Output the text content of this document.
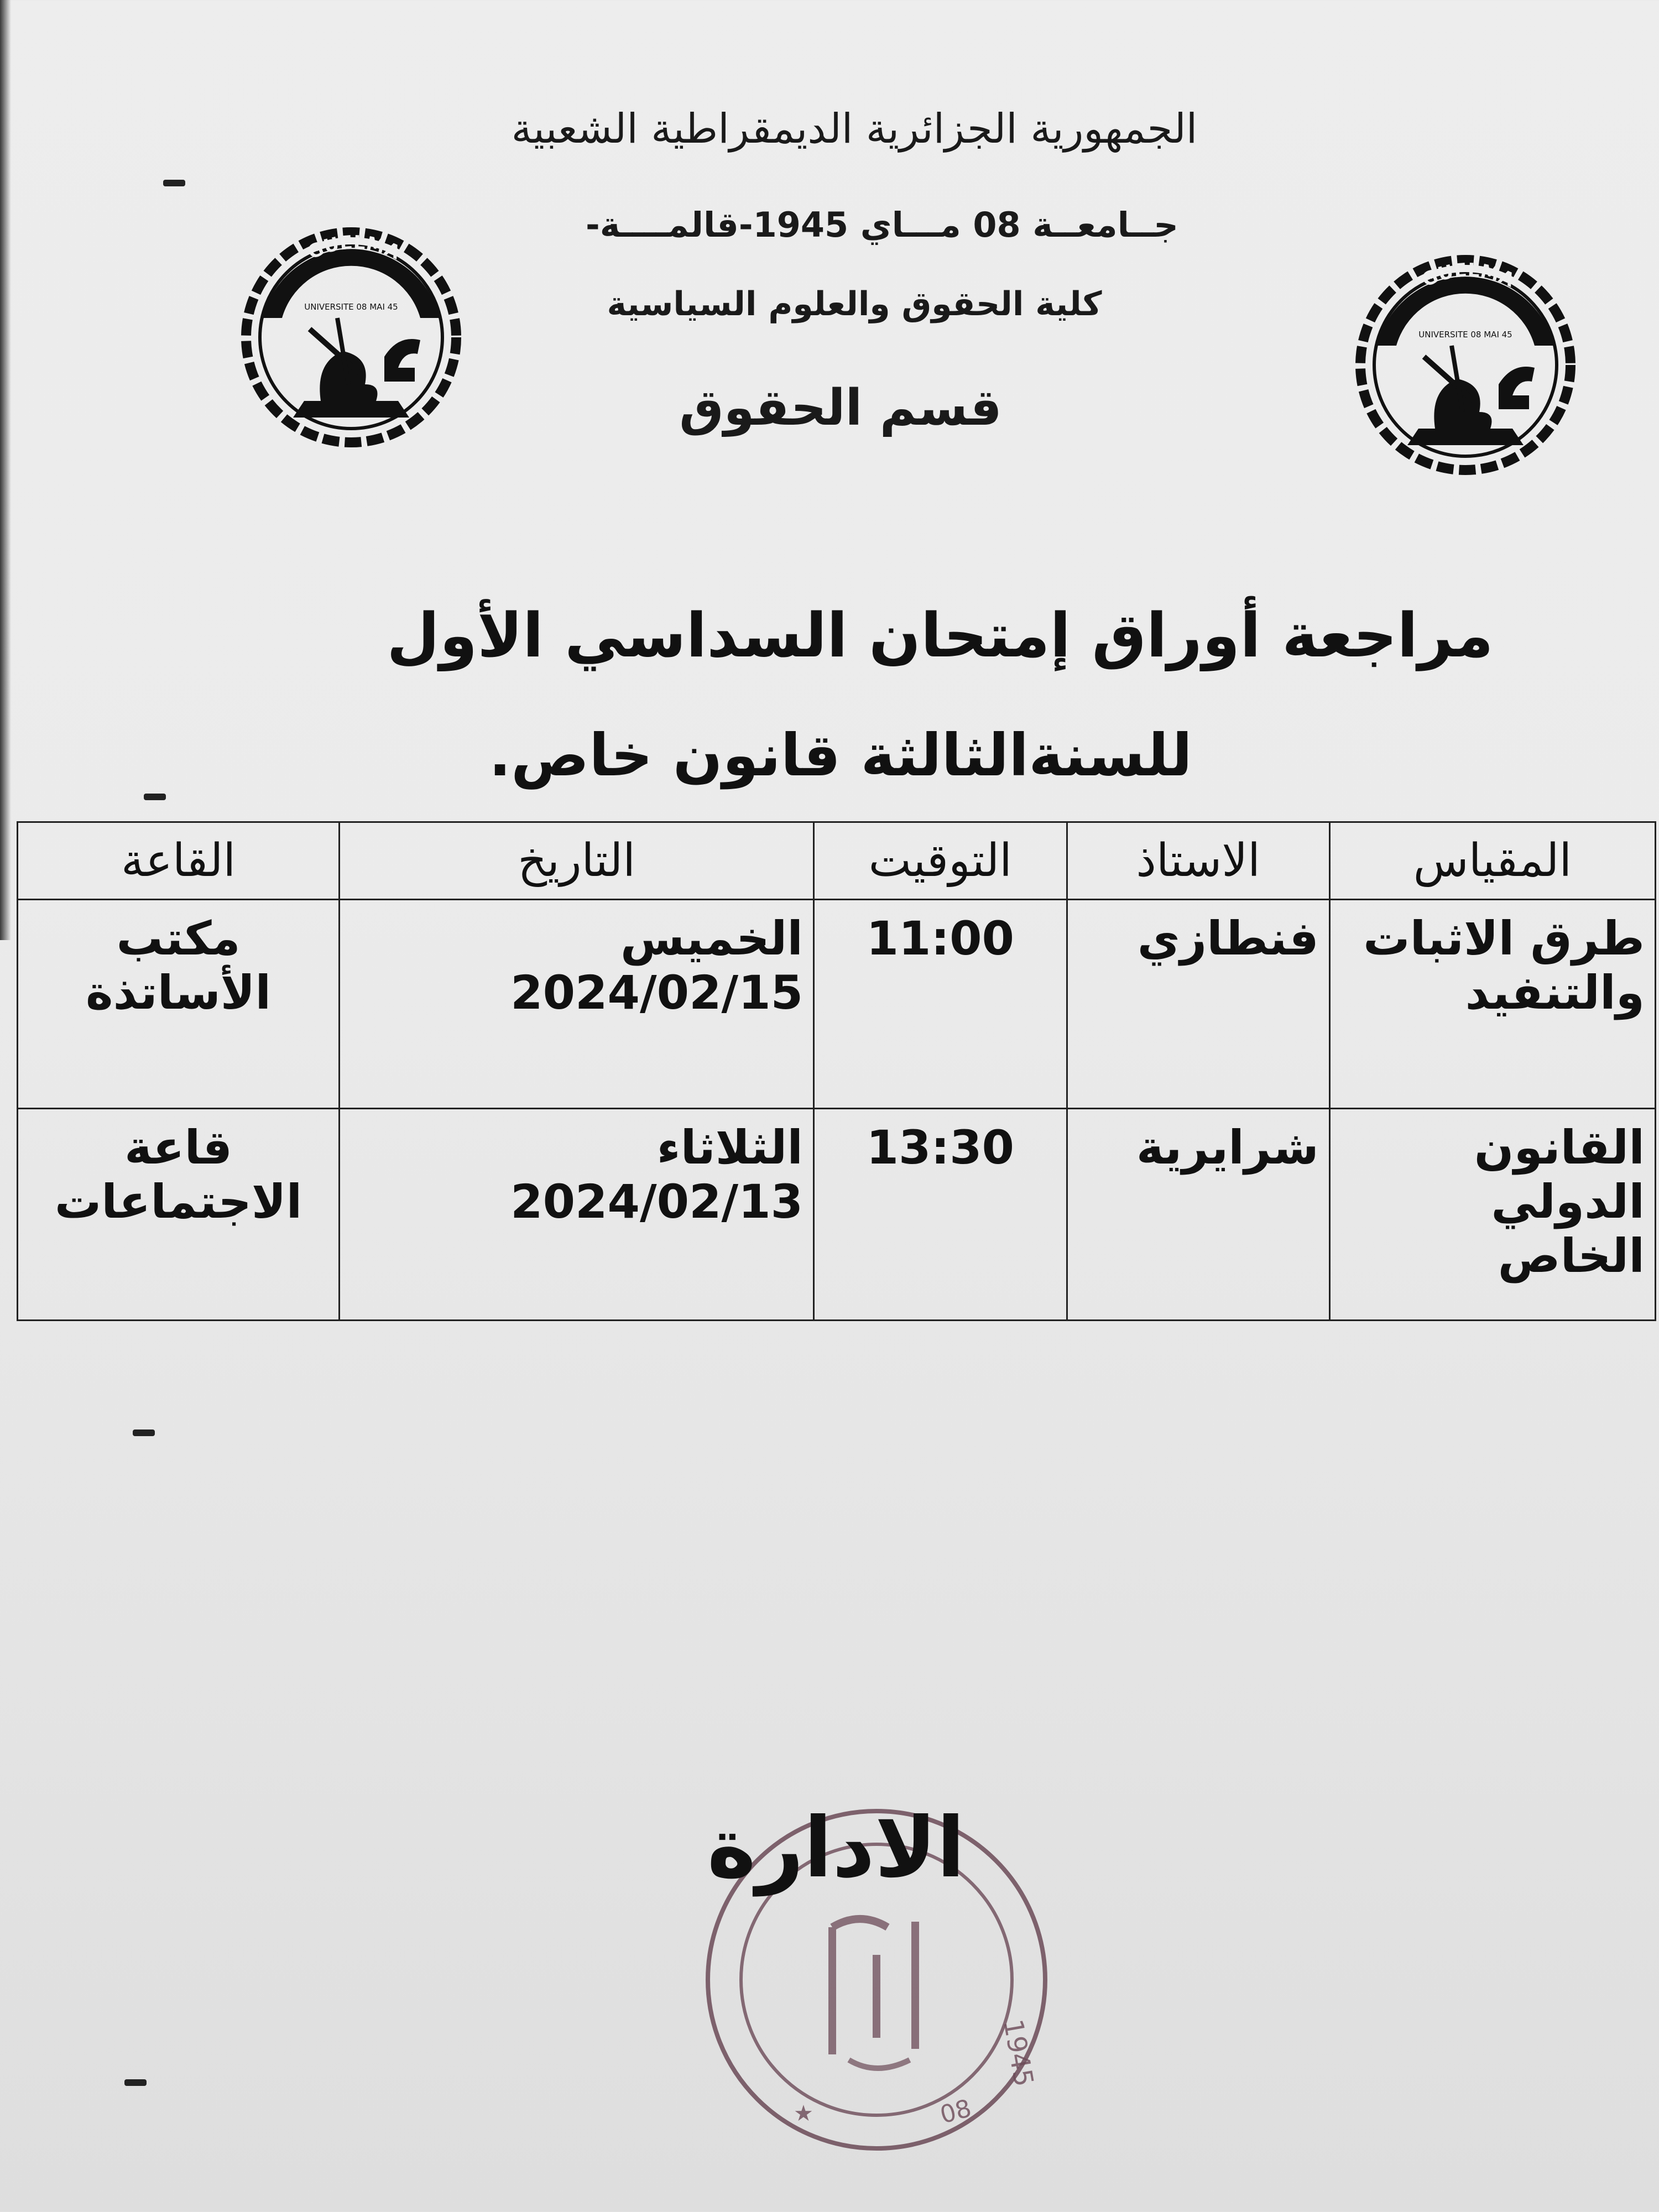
الجمهورية الجزائرية الديمقراطية الشعبية
جــامعــة 08 مـــاي 1945-قالمــــة-
كلية الحقوق والعلوم السياسية
قسم الحقوق
GUELMA
UNIVERSITE 08 MAI 45
GUELMA
UNIVERSITE 08 MAI 45
مراجعة أوراق إمتحان السداسي الأول
للسنةالثالثة قانون خاص.
المقياس	الاستاذ	التوقيت	التاريخ	القاعة
طرق الاثبات والتنفيد	فنطازي	11:00	الخميس 2024/02/15	مكتب الأساتذة
القانون الدولي الخاص	شرايرية	13:30	الثلاثاء 2024/02/13	قاعة الاجتماعات
1945
08
★
الادارة
